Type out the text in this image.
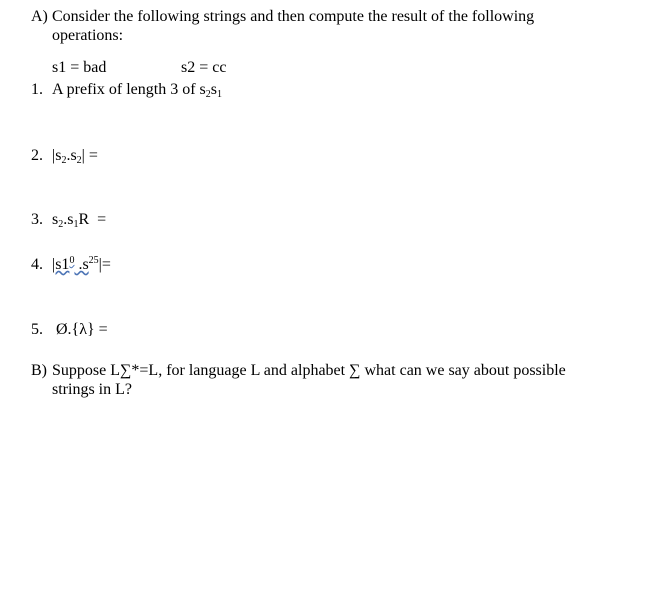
A) Consider the following strings and then compute the result of the following
operations:
s1 = bad	s2 = cc
1. A prefix of length 3 of $s_2s_1$
2. $|s_2.s_2|$ =
3. $s_2.s_1R$  =
4. $|s1^0$ $.s^{25}|=$
5. Ø.{λ} =
B) Suppose L∑*=L, for language L and alphabet ∑ what can we say about possible
strings in L?
